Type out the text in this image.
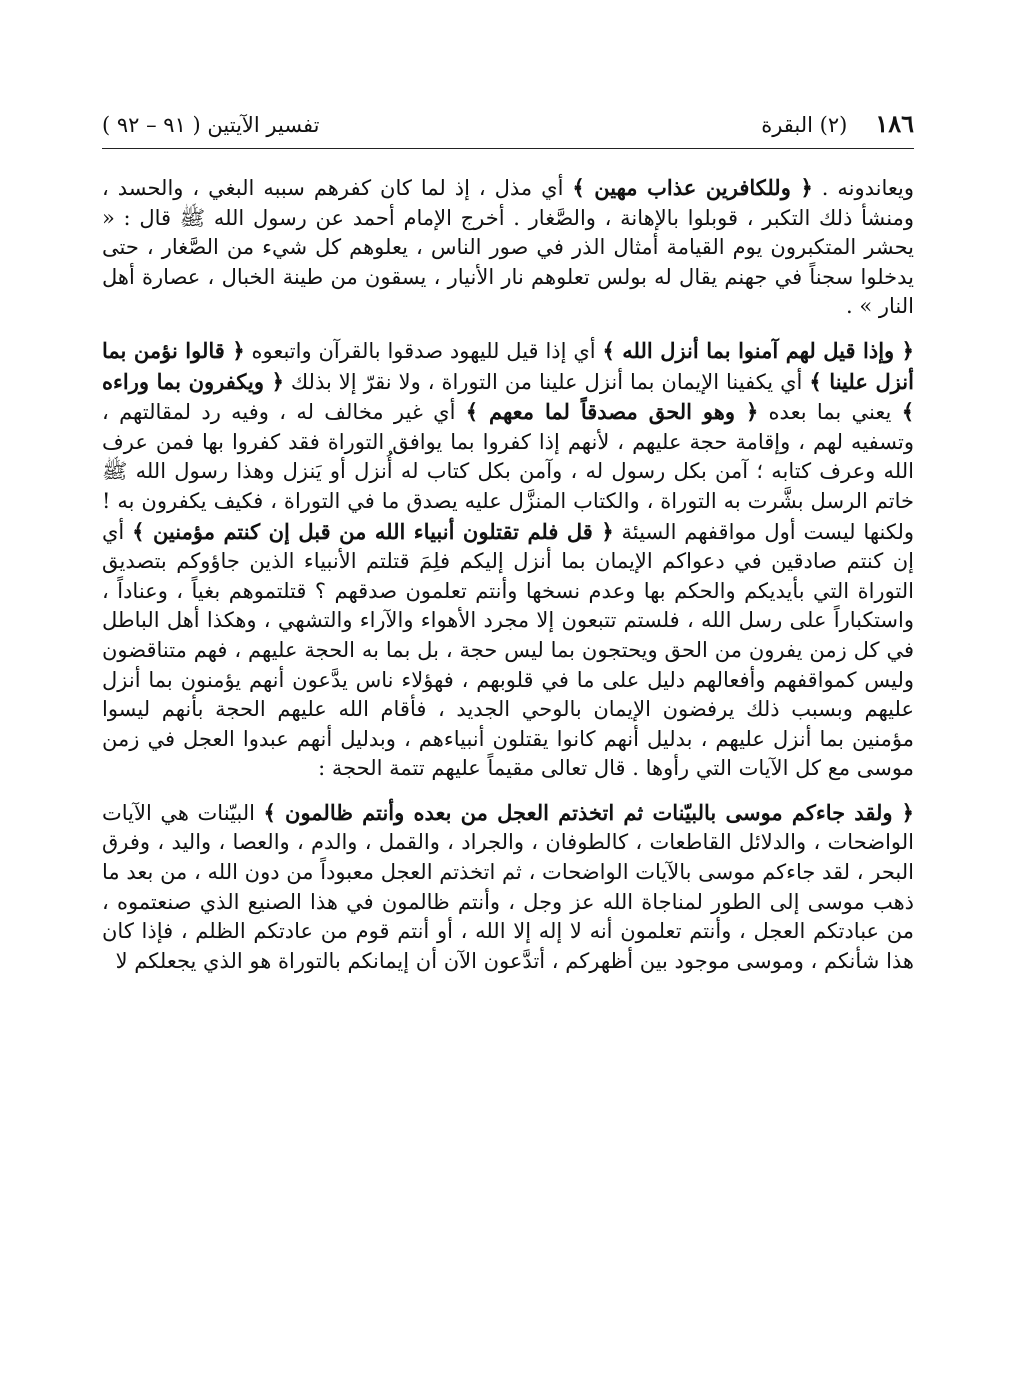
١٨٦
(٢) البقرة
تفسير الآيتين ( ٩١ – ٩٢ )

ويعاندونه . ﴿ وللكافرين عذاب مهين ﴾ أي مذل ، إذ لما كان كفرهم سببه البغي ، والحسد ، ومنشأ ذلك التكبر ، قوبلوا بالإهانة ، والصَّغار . أخرج الإمام أحمد عن رسول الله ﷺ قال : « يحشر المتكبرون يوم القيامة أمثال الذر في صور الناس ، يعلوهم كل شيء من الصَّغار ، حتى يدخلوا سجناً في جهنم يقال له بولس تعلوهم نار الأنيار ، يسقون من طينة الخبال ، عصارة أهل النار » .

﴿ وإذا قيل لهم آمنوا بما أنزل الله ﴾ أي إذا قيل لليهود صدقوا بالقرآن واتبعوه ﴿ قالوا نؤمن بما أنزل علينا ﴾ أي يكفينا الإيمان بما أنزل علينا من التوراة ، ولا نقرّ إلا بذلك ﴿ ويكفرون بما وراءه ﴾ يعني بما بعده ﴿ وهو الحق مصدقاً لما معهم ﴾ أي غير مخالف له ، وفيه رد لمقالتهم ، وتسفيه لهم ، وإقامة حجة عليهم ، لأنهم إذا كفروا بما يوافق التوراة فقد كفروا بها فمن عرف الله وعرف كتابه ؛ آمن بكل رسول له ، وآمن بكل كتاب له أُنزل أو يَنزل وهذا رسول الله ﷺ خاتم الرسل بشَّرت به التوراة ، والكتاب المنزَّل عليه يصدق ما في التوراة ، فكيف يكفرون به ! ولكنها ليست أول مواقفهم السيئة ﴿ قل فلم تقتلون أنبياء الله من قبل إن كنتم مؤمنين ﴾ أي إن كنتم صادقين في دعواكم الإيمان بما أنزل إليكم فلِمَ قتلتم الأنبياء الذين جاؤوكم بتصديق التوراة التي بأيديكم والحكم بها وعدم نسخها وأنتم تعلمون صدقهم ؟ قتلتموهم بغياً ، وعناداً ، واستكباراً على رسل الله ، فلستم تتبعون إلا مجرد الأهواء والآراء والتشهي ، وهكذا أهل الباطل في كل زمن يفرون من الحق ويحتجون بما ليس حجة ، بل بما به الحجة عليهم ، فهم متناقضون وليس كمواقفهم وأفعالهم دليل على ما في قلوبهم ، فهؤلاء ناس يدَّعون أنهم يؤمنون بما أنزل عليهم وبسبب ذلك يرفضون الإيمان بالوحي الجديد ، فأقام الله عليهم الحجة بأنهم ليسوا مؤمنين بما أنزل عليهم ، بدليل أنهم كانوا يقتلون أنبياءهم ، وبدليل أنهم عبدوا العجل في زمن موسى مع كل الآيات التي رأوها . قال تعالى مقيماً عليهم تتمة الحجة :

﴿ ولقد جاءكم موسى بالبيّنات ثم اتخذتم العجل من بعده وأنتم ظالمون ﴾ البيّنات هي الآيات الواضحات ، والدلائل القاطعات ، كالطوفان ، والجراد ، والقمل ، والدم ، والعصا ، واليد ، وفرق البحر ، لقد جاءكم موسى بالآيات الواضحات ، ثم اتخذتم العجل معبوداً من دون الله ، من بعد ما ذهب موسى إلى الطور لمناجاة الله عز وجل ، وأنتم ظالمون في هذا الصنيع الذي صنعتموه ، من عبادتكم العجل ، وأنتم تعلمون أنه لا إله إلا الله ، أو أنتم قوم من عادتكم الظلم ، فإذا كان هذا شأنكم ، وموسى موجود بين أظهركم ، أتدَّعون الآن أن إيمانكم بالتوراة هو الذي يجعلكم لا
